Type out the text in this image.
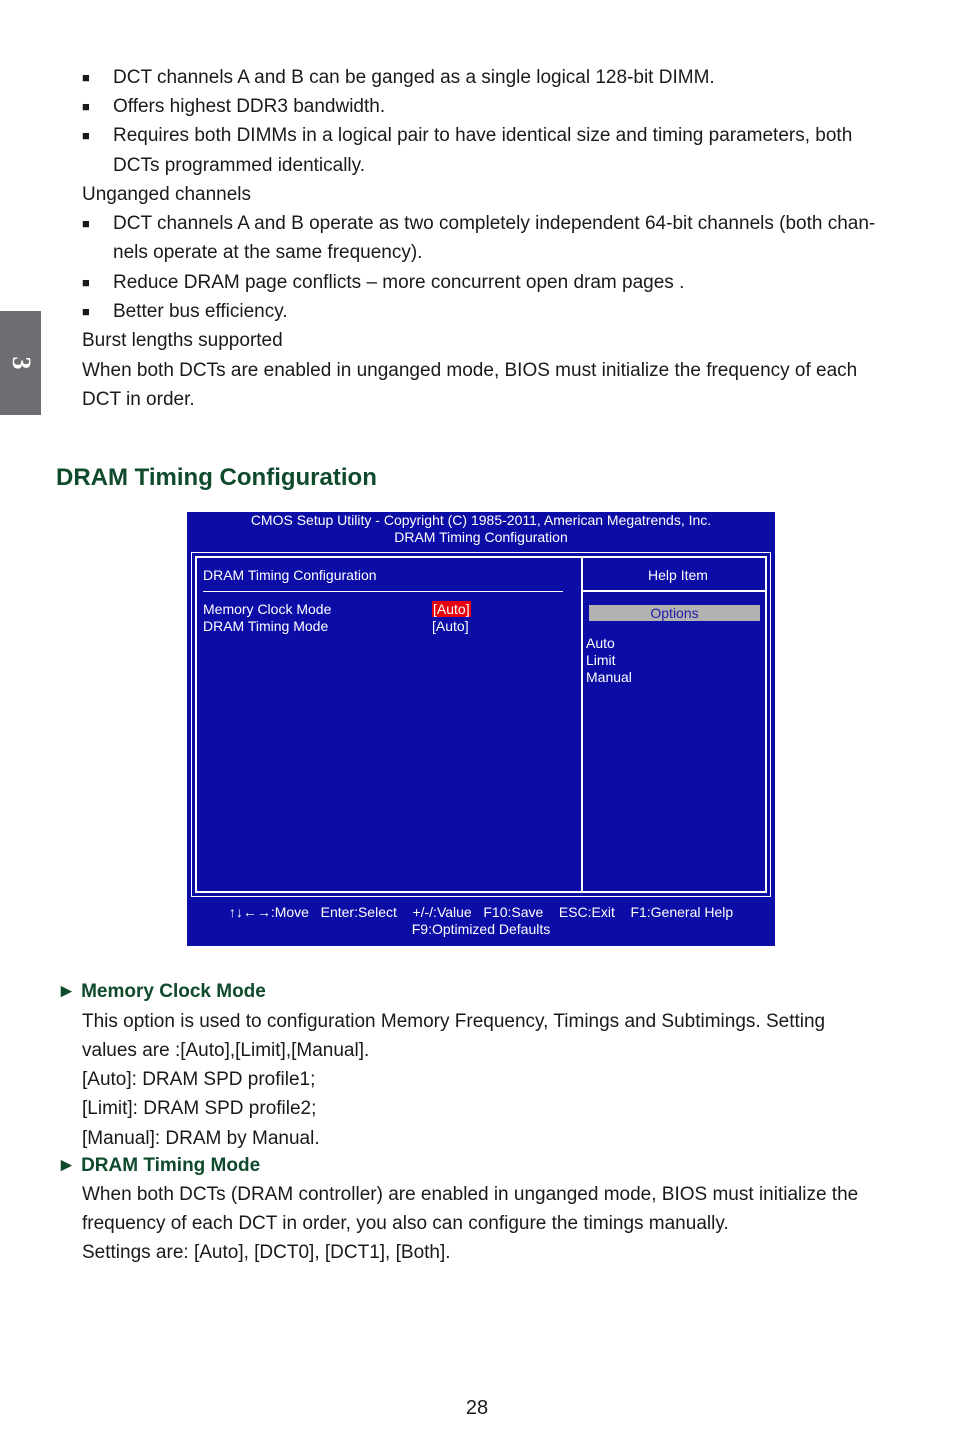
3
■ DCT channels A and B can be ganged as a single logical 128-bit DIMM.
■ Offers highest DDR3 bandwidth.
■ Requires both DIMMs in a logical pair to have identical size and timing parameters, both
DCTs programmed identically.
Unganged channels
■ DCT channels A and B operate as two completely independent 64-bit channels (both chan-
nels operate at the same frequency).
■ Reduce DRAM page conflicts – more concurrent open dram pages .
■ Better bus efficiency.
Burst lengths supported
When both DCTs are enabled in unganged mode, BIOS must initialize the frequency of each
DCT in order.
DRAM Timing Configuration
CMOS Setup Utility - Copyright (C) 1985-2011, American Megatrends, Inc.
DRAM Timing Configuration
DRAM Timing Configuration
Memory Clock Mode	[Auto]
DRAM Timing Mode	[Auto]
Help Item
Options
Auto
Limit
Manual
↑↓←→:Move   Enter:Select    +/-/:Value   F10:Save    ESC:Exit    F1:General Help
F9:Optimized Defaults
► Memory Clock Mode
This option is used to configuration Memory Frequency, Timings and Subtimings. Setting
values are :[Auto],[Limit],[Manual].
[Auto]: DRAM SPD profile1;
[Limit]: DRAM SPD profile2;
[Manual]: DRAM by Manual.
► DRAM Timing Mode
When both DCTs (DRAM controller) are enabled in unganged mode, BIOS must initialize the
frequency of each DCT in order, you also can configure the timings manually.
Settings are: [Auto], [DCT0], [DCT1], [Both].
28
